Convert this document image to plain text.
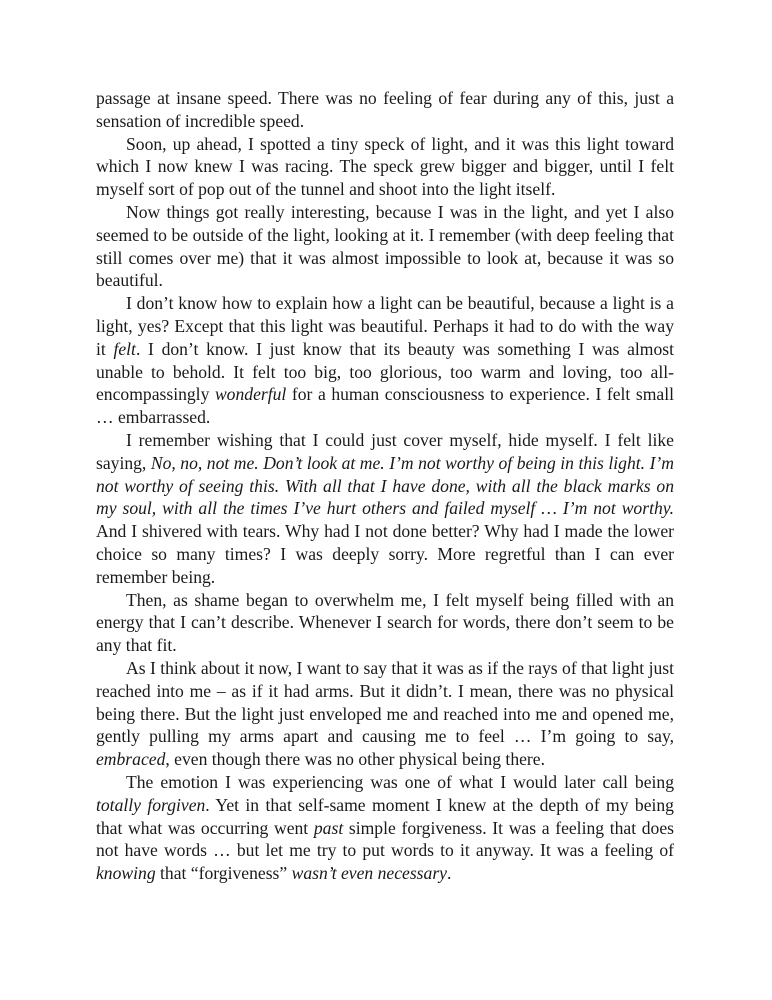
passage at insane speed. There was no feeling of fear during any of this, just a sensation of incredible speed.

Soon, up ahead, I spotted a tiny speck of light, and it was this light toward which I now knew I was racing. The speck grew bigger and bigger, until I felt myself sort of pop out of the tunnel and shoot into the light itself.

Now things got really interesting, because I was in the light, and yet I also seemed to be outside of the light, looking at it. I remember (with deep feeling that still comes over me) that it was almost impossible to look at, because it was so beautiful.

I don’t know how to explain how a light can be beautiful, because a light is a light, yes? Except that this light was beautiful. Perhaps it had to do with the way it felt. I don’t know. I just know that its beauty was something I was almost unable to behold. It felt too big, too glorious, too warm and loving, too all-encompassingly wonderful for a human consciousness to experience. I felt small … embarrassed.

I remember wishing that I could just cover myself, hide myself. I felt like saying, No, no, not me. Don’t look at me. I’m not worthy of being in this light. I’m not worthy of seeing this. With all that I have done, with all the black marks on my soul, with all the times I’ve hurt others and failed myself … I’m not worthy. And I shivered with tears. Why had I not done better? Why had I made the lower choice so many times? I was deeply sorry. More regretful than I can ever remember being.

Then, as shame began to overwhelm me, I felt myself being filled with an energy that I can’t describe. Whenever I search for words, there don’t seem to be any that fit.

As I think about it now, I want to say that it was as if the rays of that light just reached into me – as if it had arms. But it didn’t. I mean, there was no physical being there. But the light just enveloped me and reached into me and opened me, gently pulling my arms apart and causing me to feel … I’m going to say, embraced, even though there was no other physical being there.

The emotion I was experiencing was one of what I would later call being totally forgiven. Yet in that self-same moment I knew at the depth of my being that what was occurring went past simple forgiveness. It was a feeling that does not have words … but let me try to put words to it anyway. It was a feeling of knowing that “forgiveness” wasn’t even necessary.
